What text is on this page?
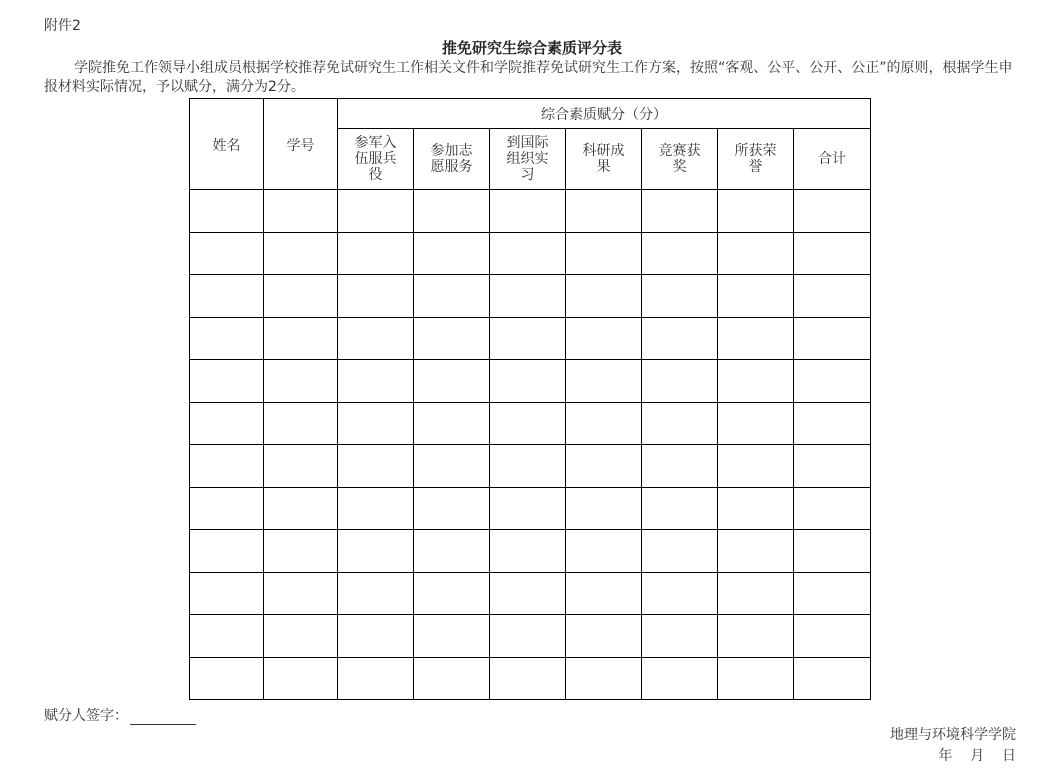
附件2
推免研究生综合素质评分表

学院推免工作领导小组成员根据学校推荐免试研究生工作相关文件和学院推荐免试研究生工作方案，按照“客观、公平、公开、公正”的原则，根据学生申报材料实际情况，予以赋分，满分为2分。

姓名	学号	综合素质赋分（分）						
		参军入伍服兵役	参加志愿服务	到国际组织实习	科研成果	竞赛获奖	所获荣誉	合计

赋分人签字：
地理与环境科学学院
年    月    日
